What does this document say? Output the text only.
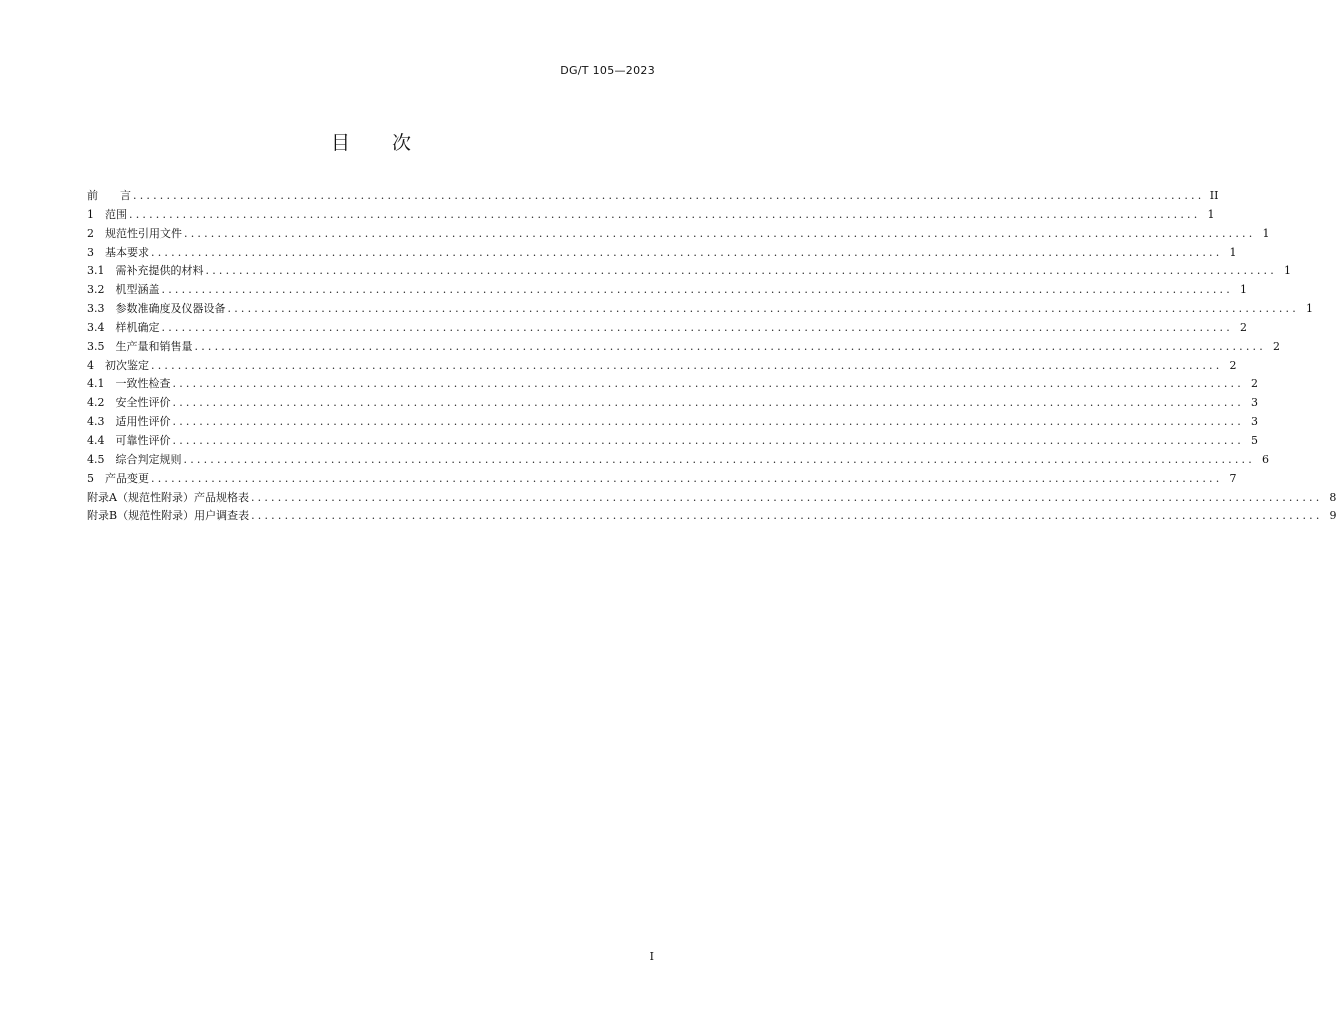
DG/T 105—2023
目 次
前　　言 ................................................................................................................................................................ II
1　范围 ................................................................................................................................................................ 1
2　规范性引用文件 ................................................................................................................................................................ 1
3　基本要求 ................................................................................................................................................................ 1
3.1　需补充提供的材料 ................................................................................................................................................................ 1
3.2　机型涵盖 ................................................................................................................................................................ 1
3.3　参数准确度及仪器设备 ................................................................................................................................................................ 1
3.4　样机确定 ................................................................................................................................................................ 2
3.5　生产量和销售量 ................................................................................................................................................................ 2
4　初次鉴定 ................................................................................................................................................................ 2
4.1　一致性检查 ................................................................................................................................................................ 2
4.2　安全性评价 ................................................................................................................................................................ 3
4.3　适用性评价 ................................................................................................................................................................ 3
4.4　可靠性评价 ................................................................................................................................................................ 5
4.5　综合判定规则 ................................................................................................................................................................ 6
5　产品变更 ................................................................................................................................................................ 7
附录A（规范性附录）产品规格表 ................................................................................................................................................................ 8
附录B（规范性附录）用户调查表 ................................................................................................................................................................ 9
I
